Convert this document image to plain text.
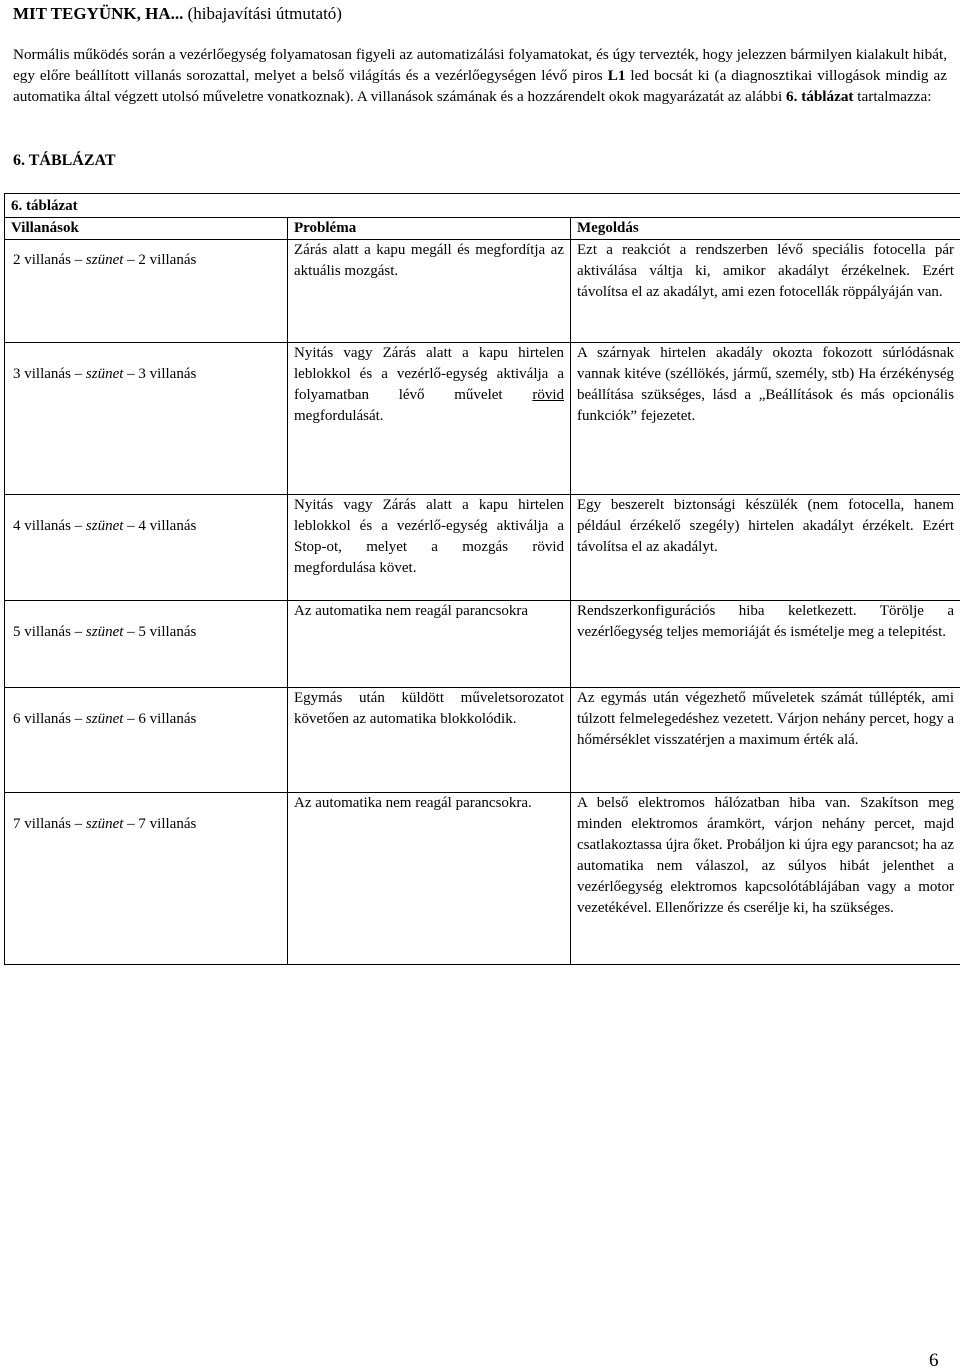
MIT TEGYÜNK, HA... (hibajavítási útmutató)
Normális működés során a vezérlőegység folyamatosan figyeli az automatizálási folyamatokat, és úgy tervezték, hogy jelezzen bármilyen kialakult hibát, egy előre beállított villanás sorozattal, melyet a belső világítás és a vezérlőegységen lévő piros L1 led bocsát ki (a diagnosztikai villogások mindig az automatika által végzett utolsó műveletre vonatkoznak). A villanások számának és a hozzárendelt okok magyarázatát az alábbi 6. táblázat tartalmazza:
6. TÁBLÁZAT
6. táblázat		
Villanások	Probléma	Megoldás
2 villanás – szünet – 2 villanás	Zárás alatt a kapu megáll és megfordítja az aktuális mozgást.	Ezt a reakciót a rendszerben lévő speciális fotocella pár aktiválása váltja ki, amikor akadályt érzékelnek. Ezért távolítsa el az akadályt, ami ezen fotocellák röppályáján van.
3 villanás – szünet – 3 villanás	Nyitás vagy Zárás alatt a kapu hirtelen leblokkol és a vezérlő-egység aktiválja a folyamatban lévő művelet rövid megfordulását.	A szárnyak hirtelen akadály okozta fokozott súrlódásnak vannak kitéve (széllökés, jármű, személy, stb) Ha érzékénység beállítása szükséges, lásd a „Beállítások és más opcionális funkciók” fejezetet.
4 villanás – szünet – 4 villanás	Nyitás vagy Zárás alatt a kapu hirtelen leblokkol és a vezérlő-egység aktiválja a Stop-ot, melyet a mozgás rövid megfordulása követ.	Egy beszerelt biztonsági készülék (nem fotocella, hanem például érzékelő szegély) hirtelen akadályt érzékelt. Ezért távolítsa el az akadályt.
5 villanás – szünet – 5 villanás	Az automatika nem reagál parancsokra	Rendszerkonfigurációs hiba keletkezett. Törölje a vezérlőegység teljes memoriáját és ismételje meg a telepitést.
6 villanás – szünet – 6 villanás	Egymás után küldött műveletsorozatot követően az automatika blokkolódik.	Az egymás után végezhető műveletek számát túllépték, ami túlzott felmelegedéshez vezetett. Várjon nehány percet, hogy a hőmérséklet visszatérjen a maximum érték alá.
7 villanás – szünet – 7 villanás	Az automatika nem reagál parancsokra.	A belső elektromos hálózatban hiba van. Szakítson meg minden elektromos áramkört, várjon nehány percet, majd csatlakoztassa újra őket. Probáljon ki újra egy parancsot; ha az automatika nem válaszol, az súlyos hibát jelenthet a vezérlőegység elektromos kapcsolótáblájában vagy a motor vezetékével. Ellenőrizze és cserélje ki, ha szükséges.
6
